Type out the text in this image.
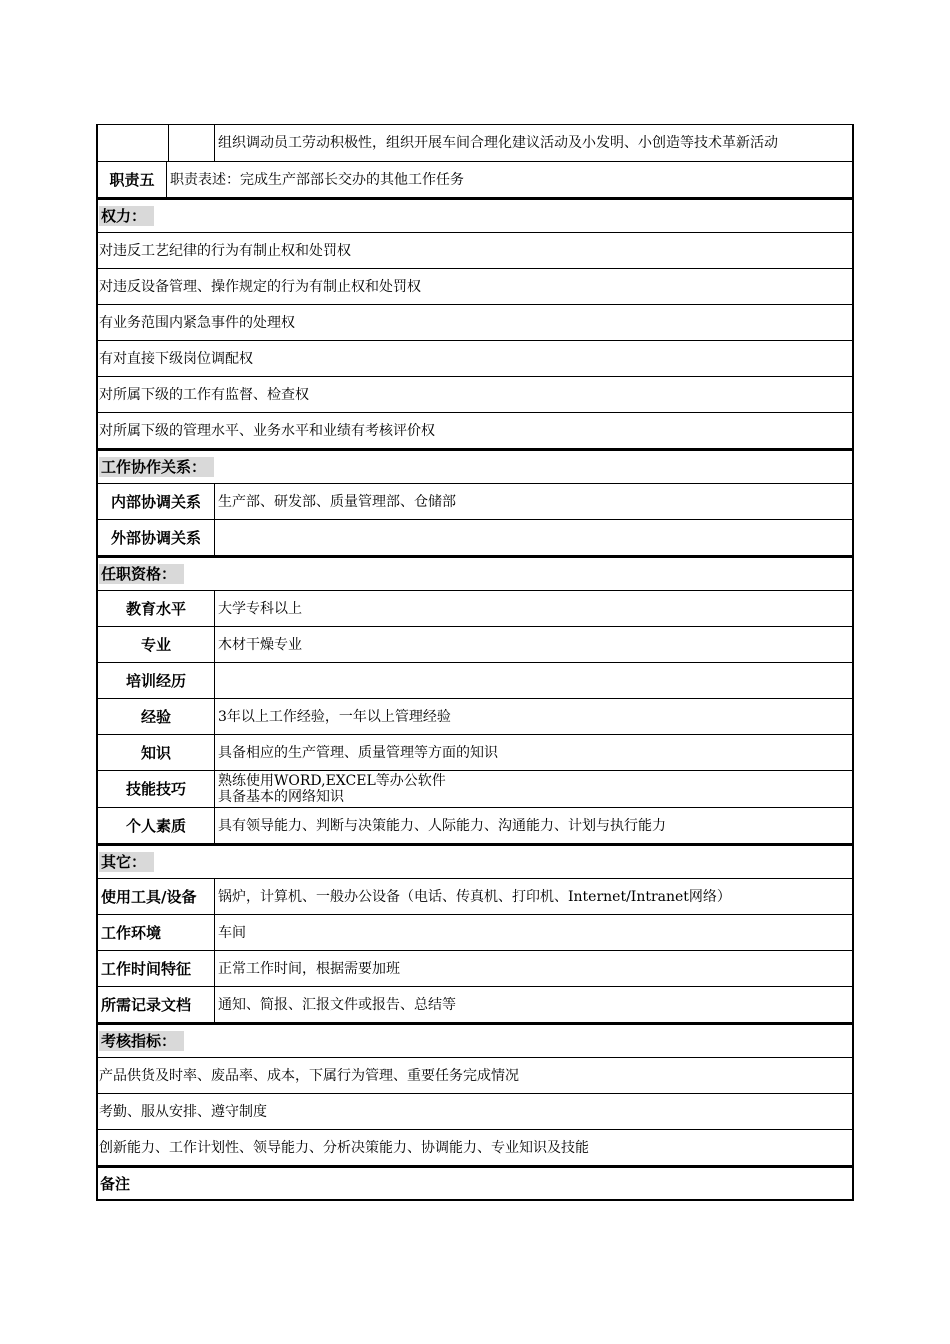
组织调动员工劳动积极性，组织开展车间合理化建议活动及小发明、小创造等技术革新活动
职责五	职责表述：完成生产部部长交办的其他工作任务
权力：
对违反工艺纪律的行为有制止权和处罚权
对违反设备管理、操作规定的行为有制止权和处罚权
有业务范围内紧急事件的处理权
有对直接下级岗位调配权
对所属下级的工作有监督、检查权
对所属下级的管理水平、业务水平和业绩有考核评价权
工作协作关系：
内部协调关系	生产部、研发部、质量管理部、仓储部
外部协调关系
任职资格：
教育水平	大学专科以上
专业	木材干燥专业
培训经历
经验	3年以上工作经验，一年以上管理经验
知识	具备相应的生产管理、质量管理等方面的知识
技能技巧	熟练使用WORD,EXCEL等办公软件
具备基本的网络知识
个人素质	具有领导能力、判断与决策能力、人际能力、沟通能力、计划与执行能力
其它：
使用工具/设备	锅炉，计算机、一般办公设备（电话、传真机、打印机、Internet/Intranet网络）
工作环境	车间
工作时间特征	正常工作时间，根据需要加班
所需记录文档	通知、简报、汇报文件或报告、总结等
考核指标：
产品供货及时率、废品率、成本，下属行为管理、重要任务完成情况
考勤、服从安排、遵守制度
创新能力、工作计划性、领导能力、分析决策能力、协调能力、专业知识及技能
备注
